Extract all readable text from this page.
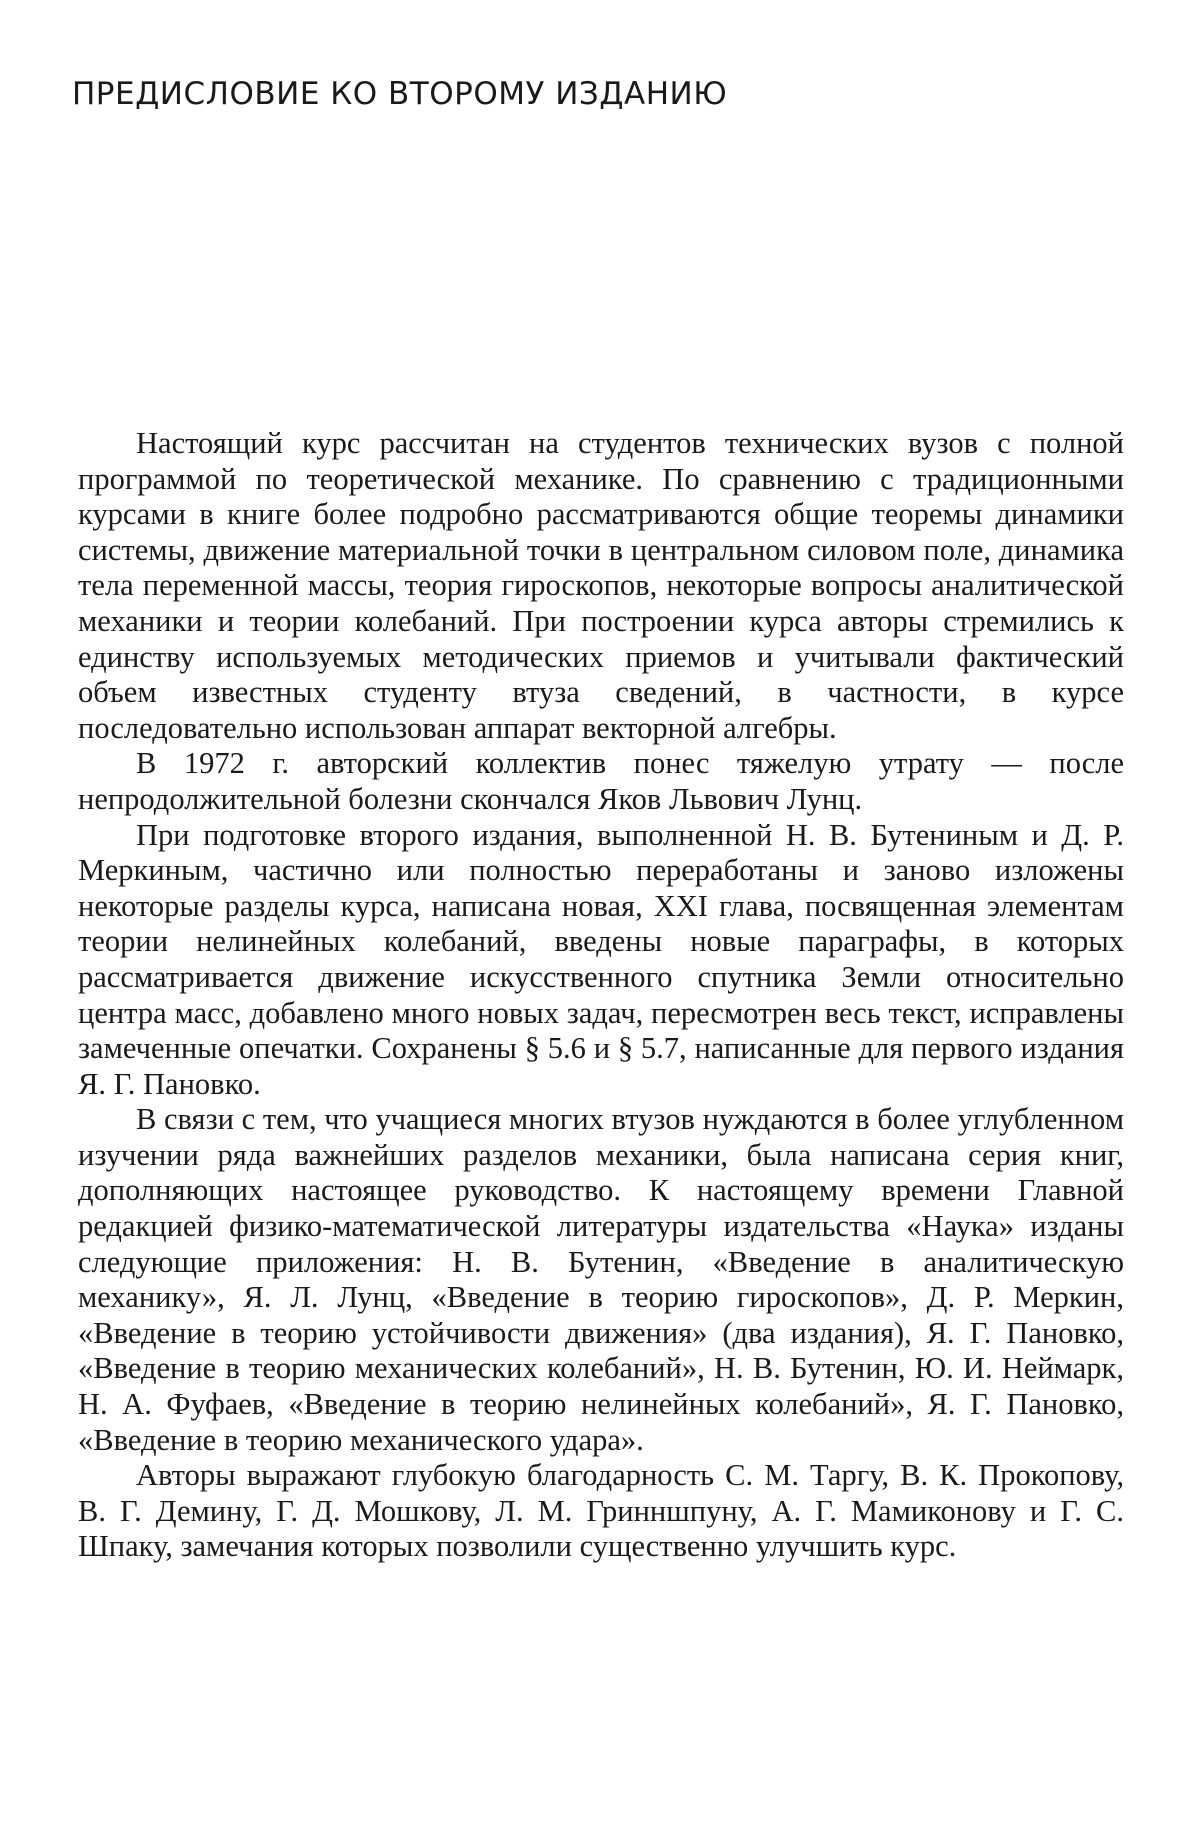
ПРЕДИСЛОВИЕ КО ВТОРОМУ ИЗДАНИЮ

Настоящий курс рассчитан на студентов технических вузов с полной программой по теоретической механике. По сравнению с традиционными курсами в книге более подробно рассматриваются общие теоремы динамики системы, движение материальной точки в центральном силовом поле, динамика тела переменной массы, теория гироскопов, некоторые вопросы аналитической механики и теории колебаний. При построении курса авторы стремились к единству используемых методических приемов и учитывали фактический объем известных студенту втуза сведений, в частности, в курсе последовательно использован аппарат векторной алгебры.

В 1972 г. авторский коллектив понес тяжелую утрату — после непродолжительной болезни скончался Яков Львович Лунц.

При подготовке второго издания, выполненной Н. В. Бутениным и Д. Р. Меркиным, частично или полностью переработаны и заново изложены некоторые разделы курса, написана новая, XXI глава, посвященная элементам теории нелинейных колебаний, введены новые параграфы, в которых рассматривается движение искусственного спутника Земли относительно центра масс, добавлено много новых задач, пересмотрен весь текст, исправлены замеченные опечатки. Сохранены § 5.6 и § 5.7, написанные для первого издания Я. Г. Пановко.

В связи с тем, что учащиеся многих втузов нуждаются в более углубленном изучении ряда важнейших разделов механики, была написана серия книг, дополняющих настоящее руководство. К настоящему времени Главной редакцией физико-математической литературы издательства «Наука» изданы следующие приложения: Н. В. Бутенин, «Введение в аналитическую механику», Я. Л. Лунц, «Введение в теорию гироскопов», Д. Р. Меркин, «Введение в теорию устойчивости движения» (два издания), Я. Г. Пановко, «Введение в теорию механических колебаний», Н. В. Бутенин, Ю. И. Неймарк, Н. А. Фуфаев, «Введение в теорию нелинейных колебаний», Я. Г. Пановко, «Введение в теорию механического удара».

Авторы выражают глубокую благодарность С. М. Таргу, В. К. Прокопову, В. Г. Демину, Г. Д. Мошкову, Л. М. Гринншпуну, А. Г. Мамиконову и Г. С. Шпаку, замечания которых позволили существенно улучшить курс.
